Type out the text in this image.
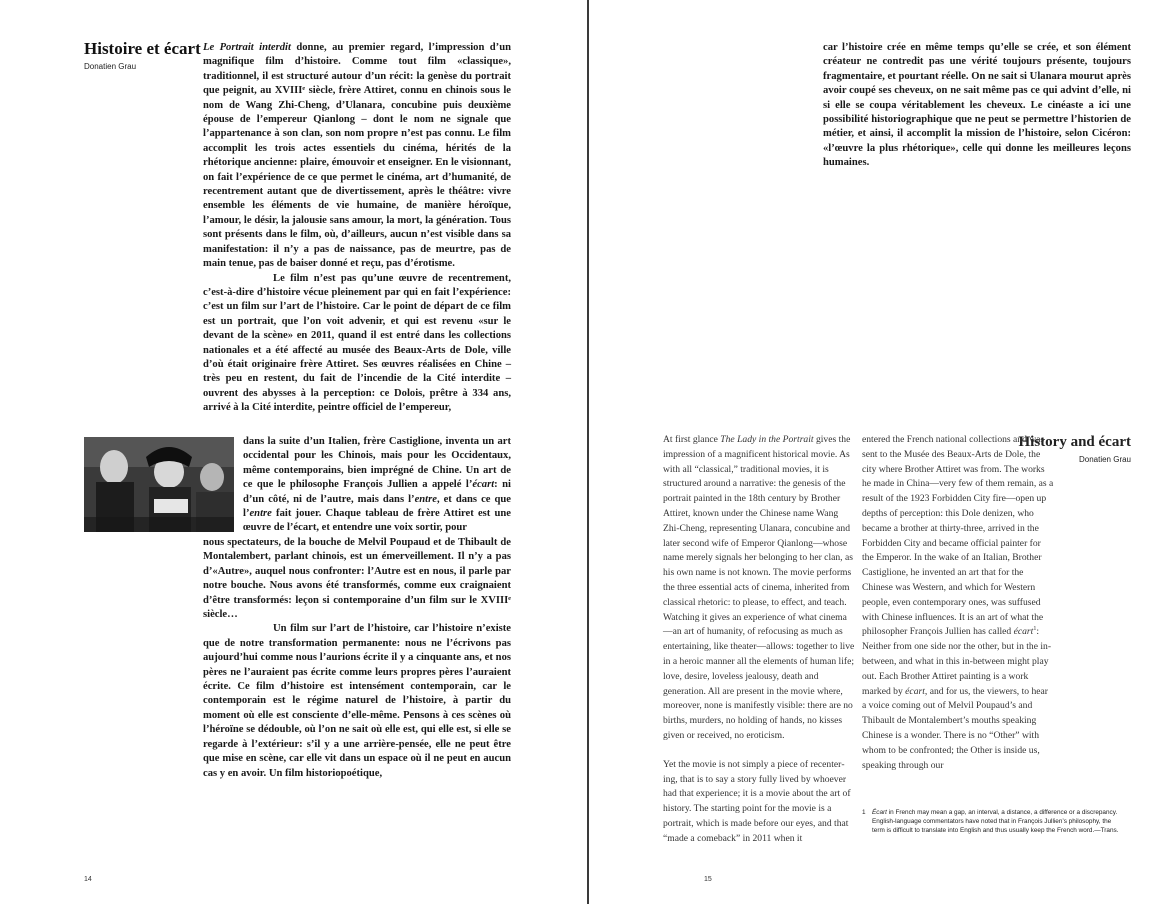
Histoire et écart
Donatien Grau

Le Portrait interdit donne, au premier regard, l’impression d’un magnifique film d’histoire. Comme tout film «classique», traditionnel, il est structuré autour d’un récit: la genèse du portrait que peignit, au XVIIIᵉ siècle, frère Attiret, connu en chinois sous le nom de Wang Zhi-Cheng, d’Ulanara, concubine puis deuxième épouse de l’empereur Qianlong – dont le nom ne signale que l’appartenance à son clan, son nom propre n’est pas connu. Le film accomplit les trois actes essentiels du cinéma, hérités de la rhétorique ancienne: plaire, émouvoir et enseigner. En le visionnant, on fait l’expérience de ce que permet le cinéma, art d’humanité, de recentrement autant que de divertissement, après le théâtre: vivre ensemble les éléments de vie humaine, de manière héroïque, l’amour, le désir, la jalousie sans amour, la mort, la génération. Tous sont présents dans le film, où, d’ailleurs, aucun n’est visible dans sa manifestation: il n’y a pas de naissance, pas de meurtre, pas de main tenue, pas de baiser donné et reçu, pas d’érotisme.

Le film n’est pas qu’une œuvre de recentrement, c’est-à-dire d’histoire vécue pleinement par qui en fait l’expérience: c’est un film sur l’art de l’histoire. Car le point de départ de ce film est un portrait, que l’on voit advenir, et qui est revenu «sur le devant de la scène» en 2011, quand il est entré dans les collections nationales et a été affecté au musée des Beaux-Arts de Dole, ville d’où était originaire frère Attiret. Ses œuvres réalisées en Chine – très peu en restent, du fait de l’incendie de la Cité interdite – ouvrent des abysses à la perception: ce Dolois, prêtre à 334 ans, arrivé à la Cité interdite, peintre officiel de l’empereur,

dans la suite d’un Italien, frère Castiglione, inventa un art occidental pour les Chinois, mais pour les Occidentaux, même contemporains, bien imprégné de Chine. Un art de ce que le philosophe François Jullien a appelé l’écart: ni d’un côté, ni de l’autre, mais dans l’entre, et dans ce que l’entre fait jouer. Chaque tableau de frère Attiret est une œuvre de l’écart, et entendre une voix sortir, pour

nous spectateurs, de la bouche de Melvil Poupaud et de Thibault de Montalembert, parlant chinois, est un émerveillement. Il n’y a pas d’«Autre», auquel nous confronter: l’Autre est en nous, il parle par notre bouche. Nous avons été transformés, comme eux craignaient d’être transformés: leçon si contemporaine d’un film sur le XVIIIᵉ siècle…

Un film sur l’art de l’histoire, car l’histoire n’existe que de notre transformation permanente: nous ne l’écrivons pas aujourd’hui comme nous l’aurions écrite il y a cinquante ans, et nos pères ne l’auraient pas écrite comme leurs propres pères l’auraient écrite. Ce film d’histoire est intensément contemporain, car le contemporain est le régime naturel de l’histoire, à partir du moment où elle est consciente d’elle-même. Pensons à ces scènes où l’héroïne se dédouble, où l’on ne sait où elle est, qui elle est, si elle se regarde à l’extérieur: s’il y a une arrière-pensée, elle ne peut être que mise en scène, car elle vit dans un espace où il ne peut en aucun cas y en avoir. Un film historiopoétique,

14

car l’histoire crée en même temps qu’elle se crée, et son élément créateur ne contredit pas une vérité toujours présente, toujours fragmentaire, et pourtant réelle. On ne sait si Ulanara mourut après avoir coupé ses cheveux, on ne sait même pas ce qui advint d’elle, ni si elle se coupa véritablement les cheveux. Le cinéaste a ici une possibilité historiographique que ne peut se permettre l’historien de métier, et ainsi, il accomplit la mission de l’histoire, selon Cicéron: «l’œuvre la plus rhétorique», celle qui donne les meilleures leçons humaines.

History and écart
Donatien Grau

At first glance The Lady in the Portrait gives the impression of a magnificent historical movie. As with all “classical,” traditional movies, it is structured around a narrative: the genesis of the portrait painted in the 18th century by Brother Attiret, known under the Chinese name Wang Zhi-Cheng, representing Ulanara, concubine and later second wife of Emperor Qianlong—whose name merely signals her belonging to her clan, as his own name is not known. The movie performs the three essential acts of cinema, inherited from classical rhetoric: to please, to effect, and teach. Watching it gives an experience of what cinema—an art of humanity, of refocusing as much as entertaining, like theater—allows: together to live in a heroic manner all the elements of human life; love, desire, loveless jealousy, death and generation. All are present in the movie where, moreover, none is manifestly visible: there are no births, murders, no holding of hands, no kisses given or received, no eroticism.

Yet the movie is not simply a piece of recentering, that is to say a story fully lived by whoever had that experience; it is a movie about the art of history. The starting point for the movie is a portrait, which is made before our eyes, and that “made a comeback” in 2011 when it

entered the French national collections and was sent to the Musée des Beaux-Arts de Dole, the city where Brother Attiret was from. The works he made in China—very few of them remain, as a result of the 1923 Forbidden City fire—open up depths of perception: this Dole denizen, who became a brother at thirty-three, arrived in the Forbidden City and became official painter for the Emperor. In the wake of an Italian, Brother Castiglione, he invented an art that for the Chinese was Western, and which for Western people, even contemporary ones, was suffused with Chinese influences. It is an art of what the philosopher François Jullien has called écart$^1$: Neither from one side nor the other, but in the in-between, and what in this in-between might play out. Each Brother Attiret painting is a work marked by écart, and for us, the viewers, to hear a voice coming out of Melvil Poupaud’s and Thibault de Montalembert’s mouths speaking Chinese is a wonder. There is no “Other” with whom to be confronted; the Other is inside us, speaking through our

1 Écart in French may mean a gap, an interval, a distance, a difference or a discrepancy. English-language commentators have noted that in François Jullien’s philosophy, the term is difficult to translate into English and thus usually keep the French word.—Trans.
15
